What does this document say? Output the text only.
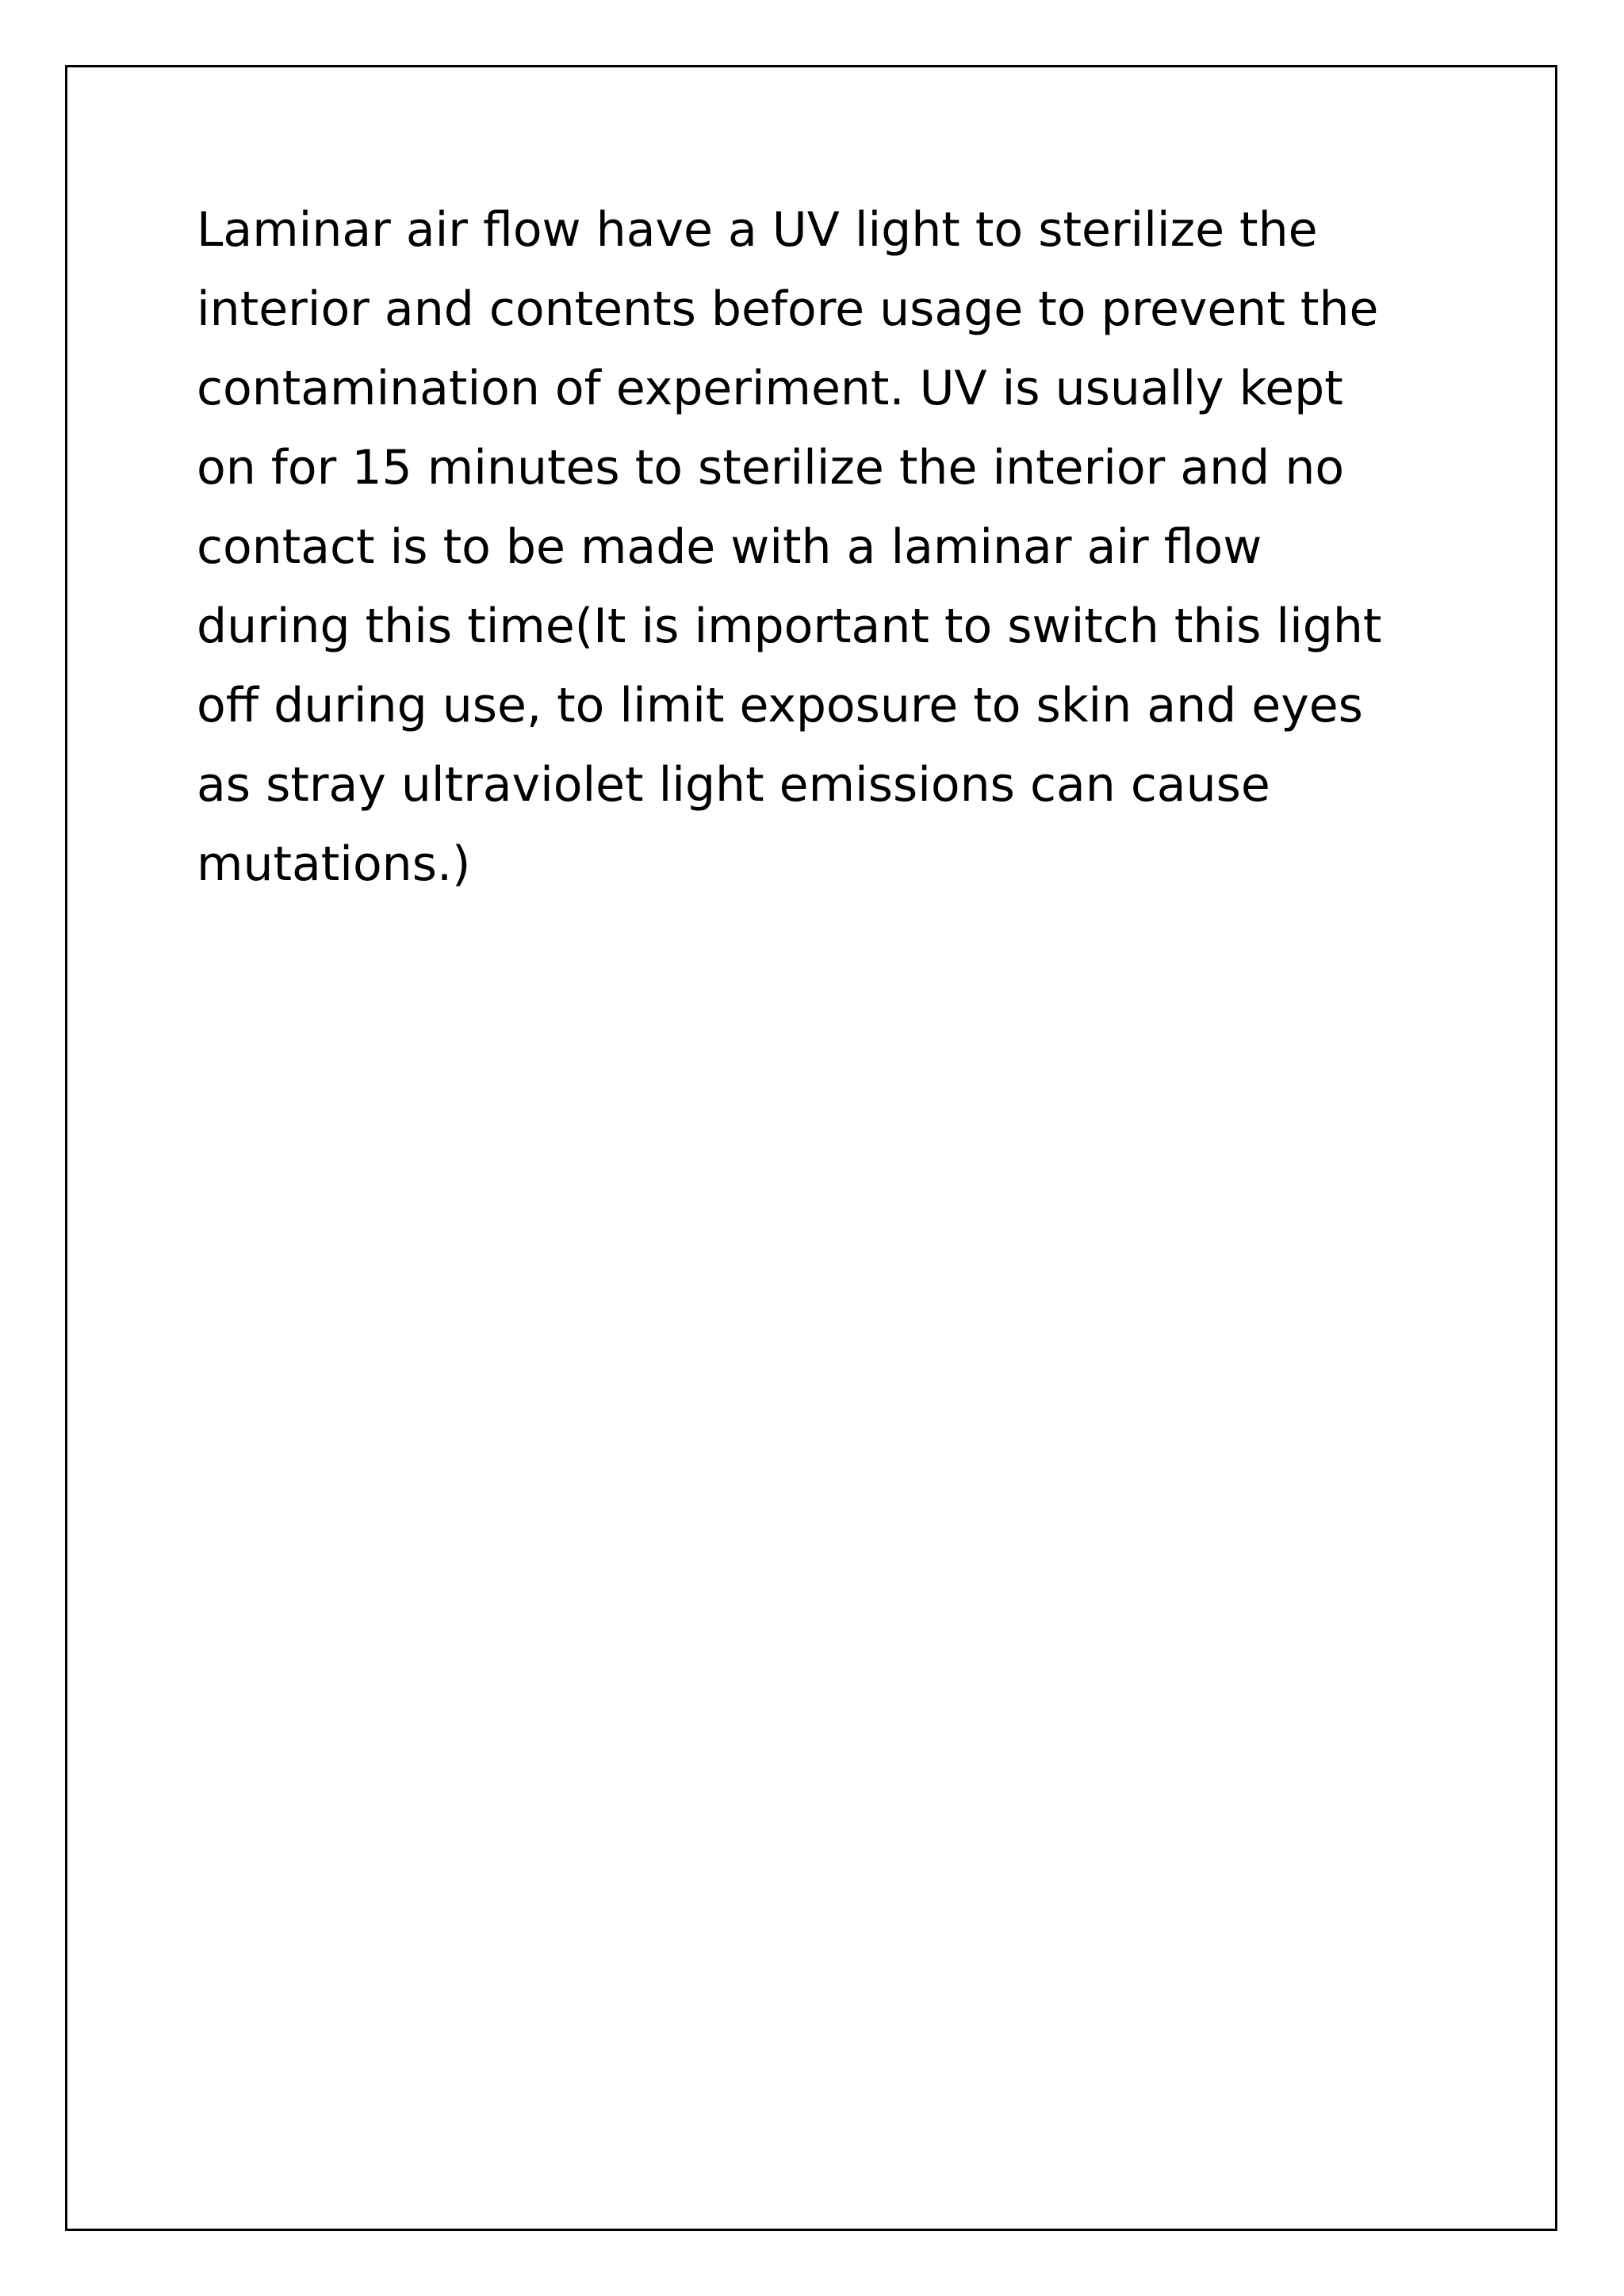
Laminar air flow have a UV light to sterilize the
interior and contents before usage to prevent the
contamination of experiment. UV is usually kept
on for 15 minutes to sterilize the interior and no
contact is to be made with a laminar air flow
during this time(It is important to switch this light
off during use, to limit exposure to skin and eyes
as stray ultraviolet light emissions can cause
mutations.)
